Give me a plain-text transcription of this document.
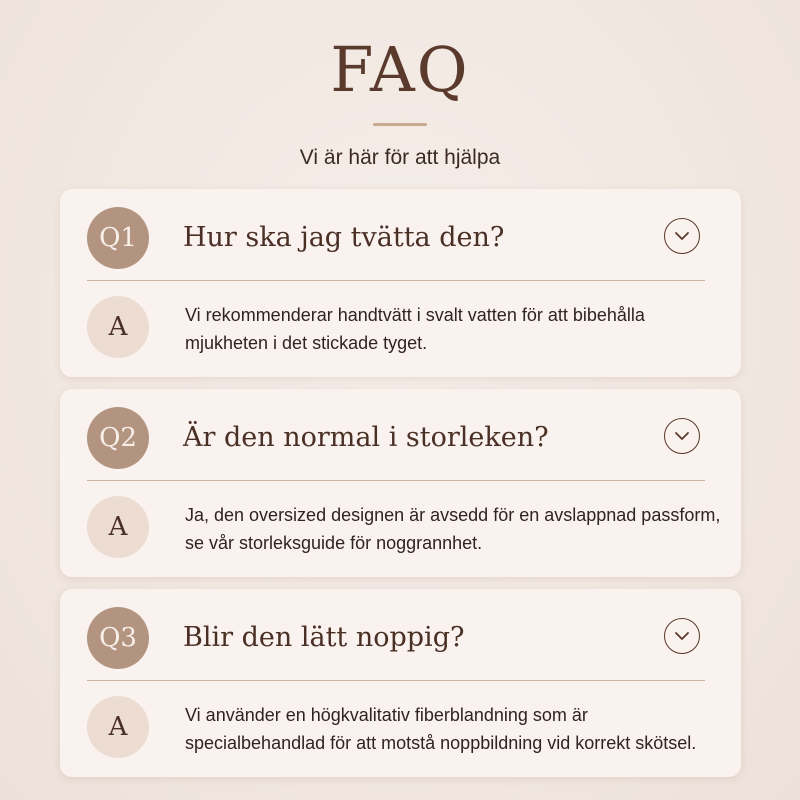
FAQ
Vi är här för att hjälpa
Q1	Hur ska jag tvätta den?
A	Vi rekommenderar handtvätt i svalt vatten för att bibehålla mjukheten i det stickade tyget.
Q2	Är den normal i storleken?
A	Ja, den oversized designen är avsedd för en avslappnad passform, se vår storleksguide för noggrannhet.
Q3	Blir den lätt noppig?
A	Vi använder en högkvalitativ fiberblandning som är specialbehandlad för att motstå noppbildning vid korrekt skötsel.
